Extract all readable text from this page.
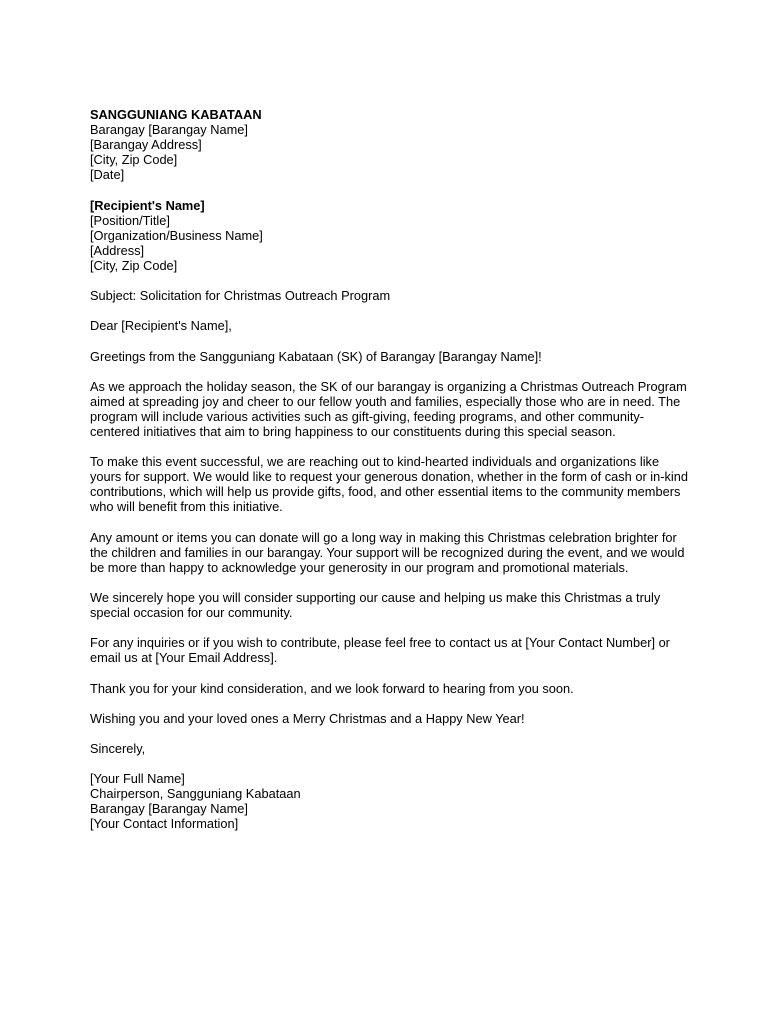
SANGGUNIANG KABATAAN
Barangay [Barangay Name]
[Barangay Address]
[City, Zip Code]
[Date]
[Recipient's Name]
[Position/Title]
[Organization/Business Name]
[Address]
[City, Zip Code]
Subject: Solicitation for Christmas Outreach Program
Dear [Recipient's Name],
Greetings from the Sangguniang Kabataan (SK) of Barangay [Barangay Name]!
As we approach the holiday season, the SK of our barangay is organizing a Christmas Outreach Program
aimed at spreading joy and cheer to our fellow youth and families, especially those who are in need. The
program will include various activities such as gift-giving, feeding programs, and other community-
centered initiatives that aim to bring happiness to our constituents during this special season.
To make this event successful, we are reaching out to kind-hearted individuals and organizations like
yours for support. We would like to request your generous donation, whether in the form of cash or in-kind
contributions, which will help us provide gifts, food, and other essential items to the community members
who will benefit from this initiative.
Any amount or items you can donate will go a long way in making this Christmas celebration brighter for
the children and families in our barangay. Your support will be recognized during the event, and we would
be more than happy to acknowledge your generosity in our program and promotional materials.
We sincerely hope you will consider supporting our cause and helping us make this Christmas a truly
special occasion for our community.
For any inquiries or if you wish to contribute, please feel free to contact us at [Your Contact Number] or
email us at [Your Email Address].
Thank you for your kind consideration, and we look forward to hearing from you soon.
Wishing you and your loved ones a Merry Christmas and a Happy New Year!
Sincerely,
[Your Full Name]
Chairperson, Sangguniang Kabataan
Barangay [Barangay Name]
[Your Contact Information]
